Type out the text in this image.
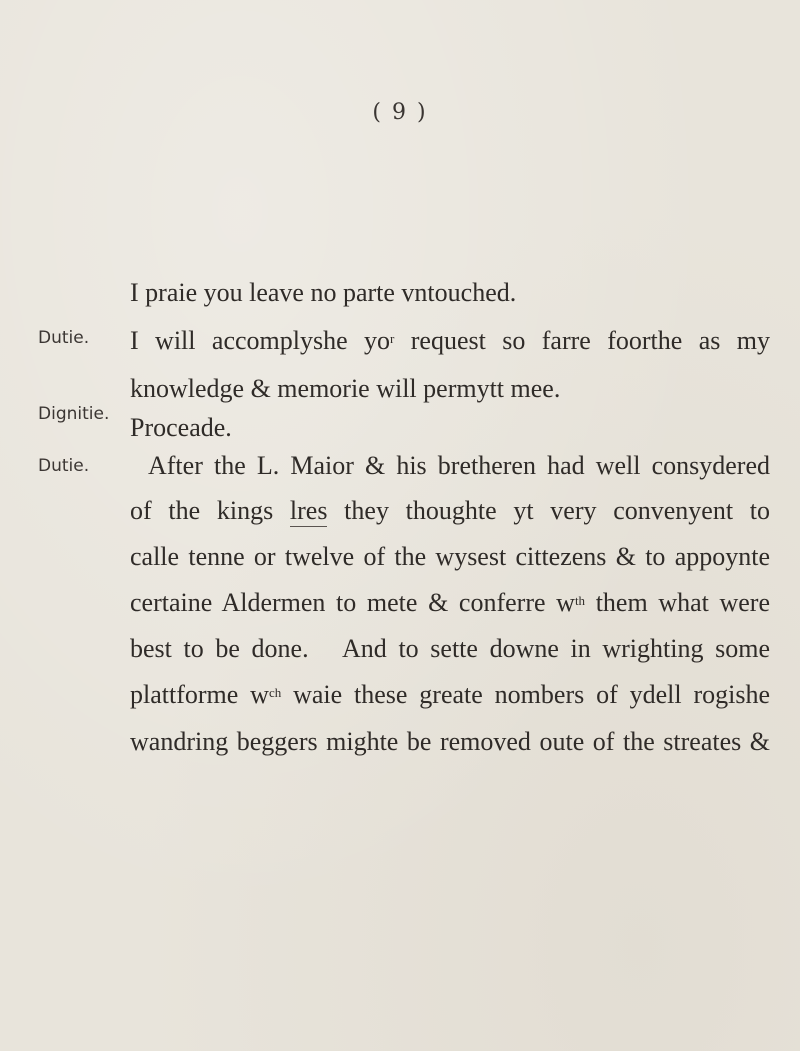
( 9 )
Dutie.
Dignitie.
Dutie.
I praie you leave no parte vntouched.
I will accomplyshe $yo^r$ request so farre foorthe as my
knowledge & memorie will permytt mee.
Proceade.
After the L. Maior & his bretheren had well consydered
of the kings lres they thoughte yt very convenyent to
calle tenne or twelve of the wysest cittezens & to appoynte
certaine Aldermen to mete & conferre $w^{th}$ them what were
best to be done.   And to sette downe in wrighting some
plattforme $w^{ch}$ waie these greate nombers of ydell rogishe
wandring beggers mighte be removed oute of the streates &
